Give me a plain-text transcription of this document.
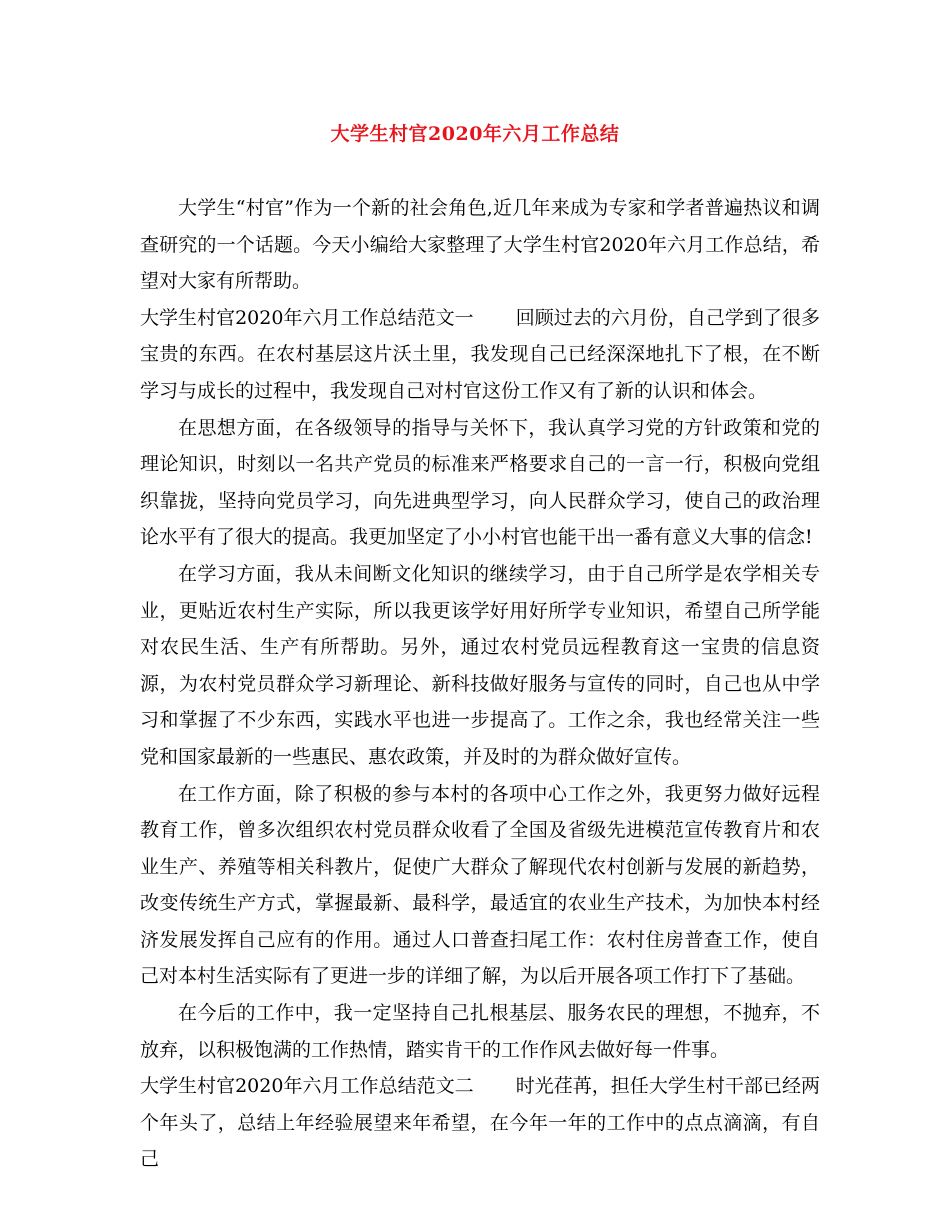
大学生村官2020年六月工作总结

大学生“村官”作为一个新的社会角色,近几年来成为专家和学者普遍热议和调查研究的一个话题。今天小编给大家整理了大学生村官2020年六月工作总结，希望对大家有所帮助。

大学生村官2020年六月工作总结范文一 回顾过去的六月份，自己学到了很多宝贵的东西。在农村基层这片沃土里，我发现自己已经深深地扎下了根，在不断学习与成长的过程中，我发现自己对村官这份工作又有了新的认识和体会。

在思想方面，在各级领导的指导与关怀下，我认真学习党的方针政策和党的理论知识，时刻以一名共产党员的标准来严格要求自己的一言一行，积极向党组织靠拢，坚持向党员学习，向先进典型学习，向人民群众学习，使自己的政治理论水平有了很大的提高。我更加坚定了小小村官也能干出一番有意义大事的信念!

在学习方面，我从未间断文化知识的继续学习，由于自己所学是农学相关专业，更贴近农村生产实际，所以我更该学好用好所学专业知识，希望自己所学能对农民生活、生产有所帮助。另外，通过农村党员远程教育这一宝贵的信息资源，为农村党员群众学习新理论、新科技做好服务与宣传的同时，自己也从中学习和掌握了不少东西，实践水平也进一步提高了。工作之余，我也经常关注一些党和国家最新的一些惠民、惠农政策，并及时的为群众做好宣传。

在工作方面，除了积极的参与本村的各项中心工作之外，我更努力做好远程教育工作，曾多次组织农村党员群众收看了全国及省级先进模范宣传教育片和农业生产、养殖等相关科教片，促使广大群众了解现代农村创新与发展的新趋势，改变传统生产方式，掌握最新、最科学，最适宜的农业生产技术，为加快本村经济发展发挥自己应有的作用。通过人口普查扫尾工作：农村住房普查工作，使自己对本村生活实际有了更进一步的详细了解，为以后开展各项工作打下了基础。

在今后的工作中，我一定坚持自己扎根基层、服务农民的理想，不抛弃，不放弃，以积极饱满的工作热情，踏实肯干的工作作风去做好每一件事。

大学生村官2020年六月工作总结范文二 时光荏苒，担任大学生村干部已经两个年头了，总结上年经验展望来年希望，在今年一年的工作中的点点滴滴，有自己
